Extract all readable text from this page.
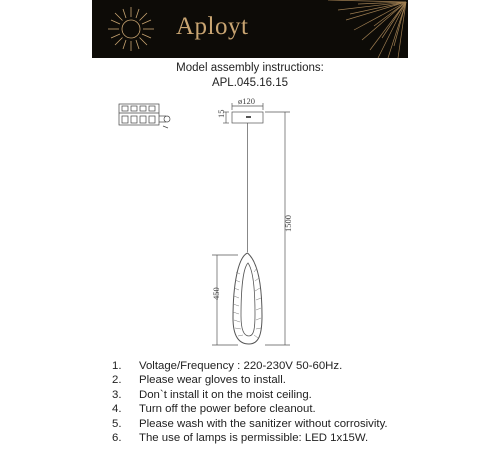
Aployt
Model assembly instructions:
APL.045.16.15
ø120
15
1500
450
1.	Voltage/Frequency : 220-230V 50-60Hz.
2.	Please wear gloves to install.
3.	Don`t install it on the moist ceiling.
4.	Turn off the power before cleanout.
5.	Please wash with the sanitizer without corrosivity.
6.	The use of lamps is permissible: LED 1x15W.
